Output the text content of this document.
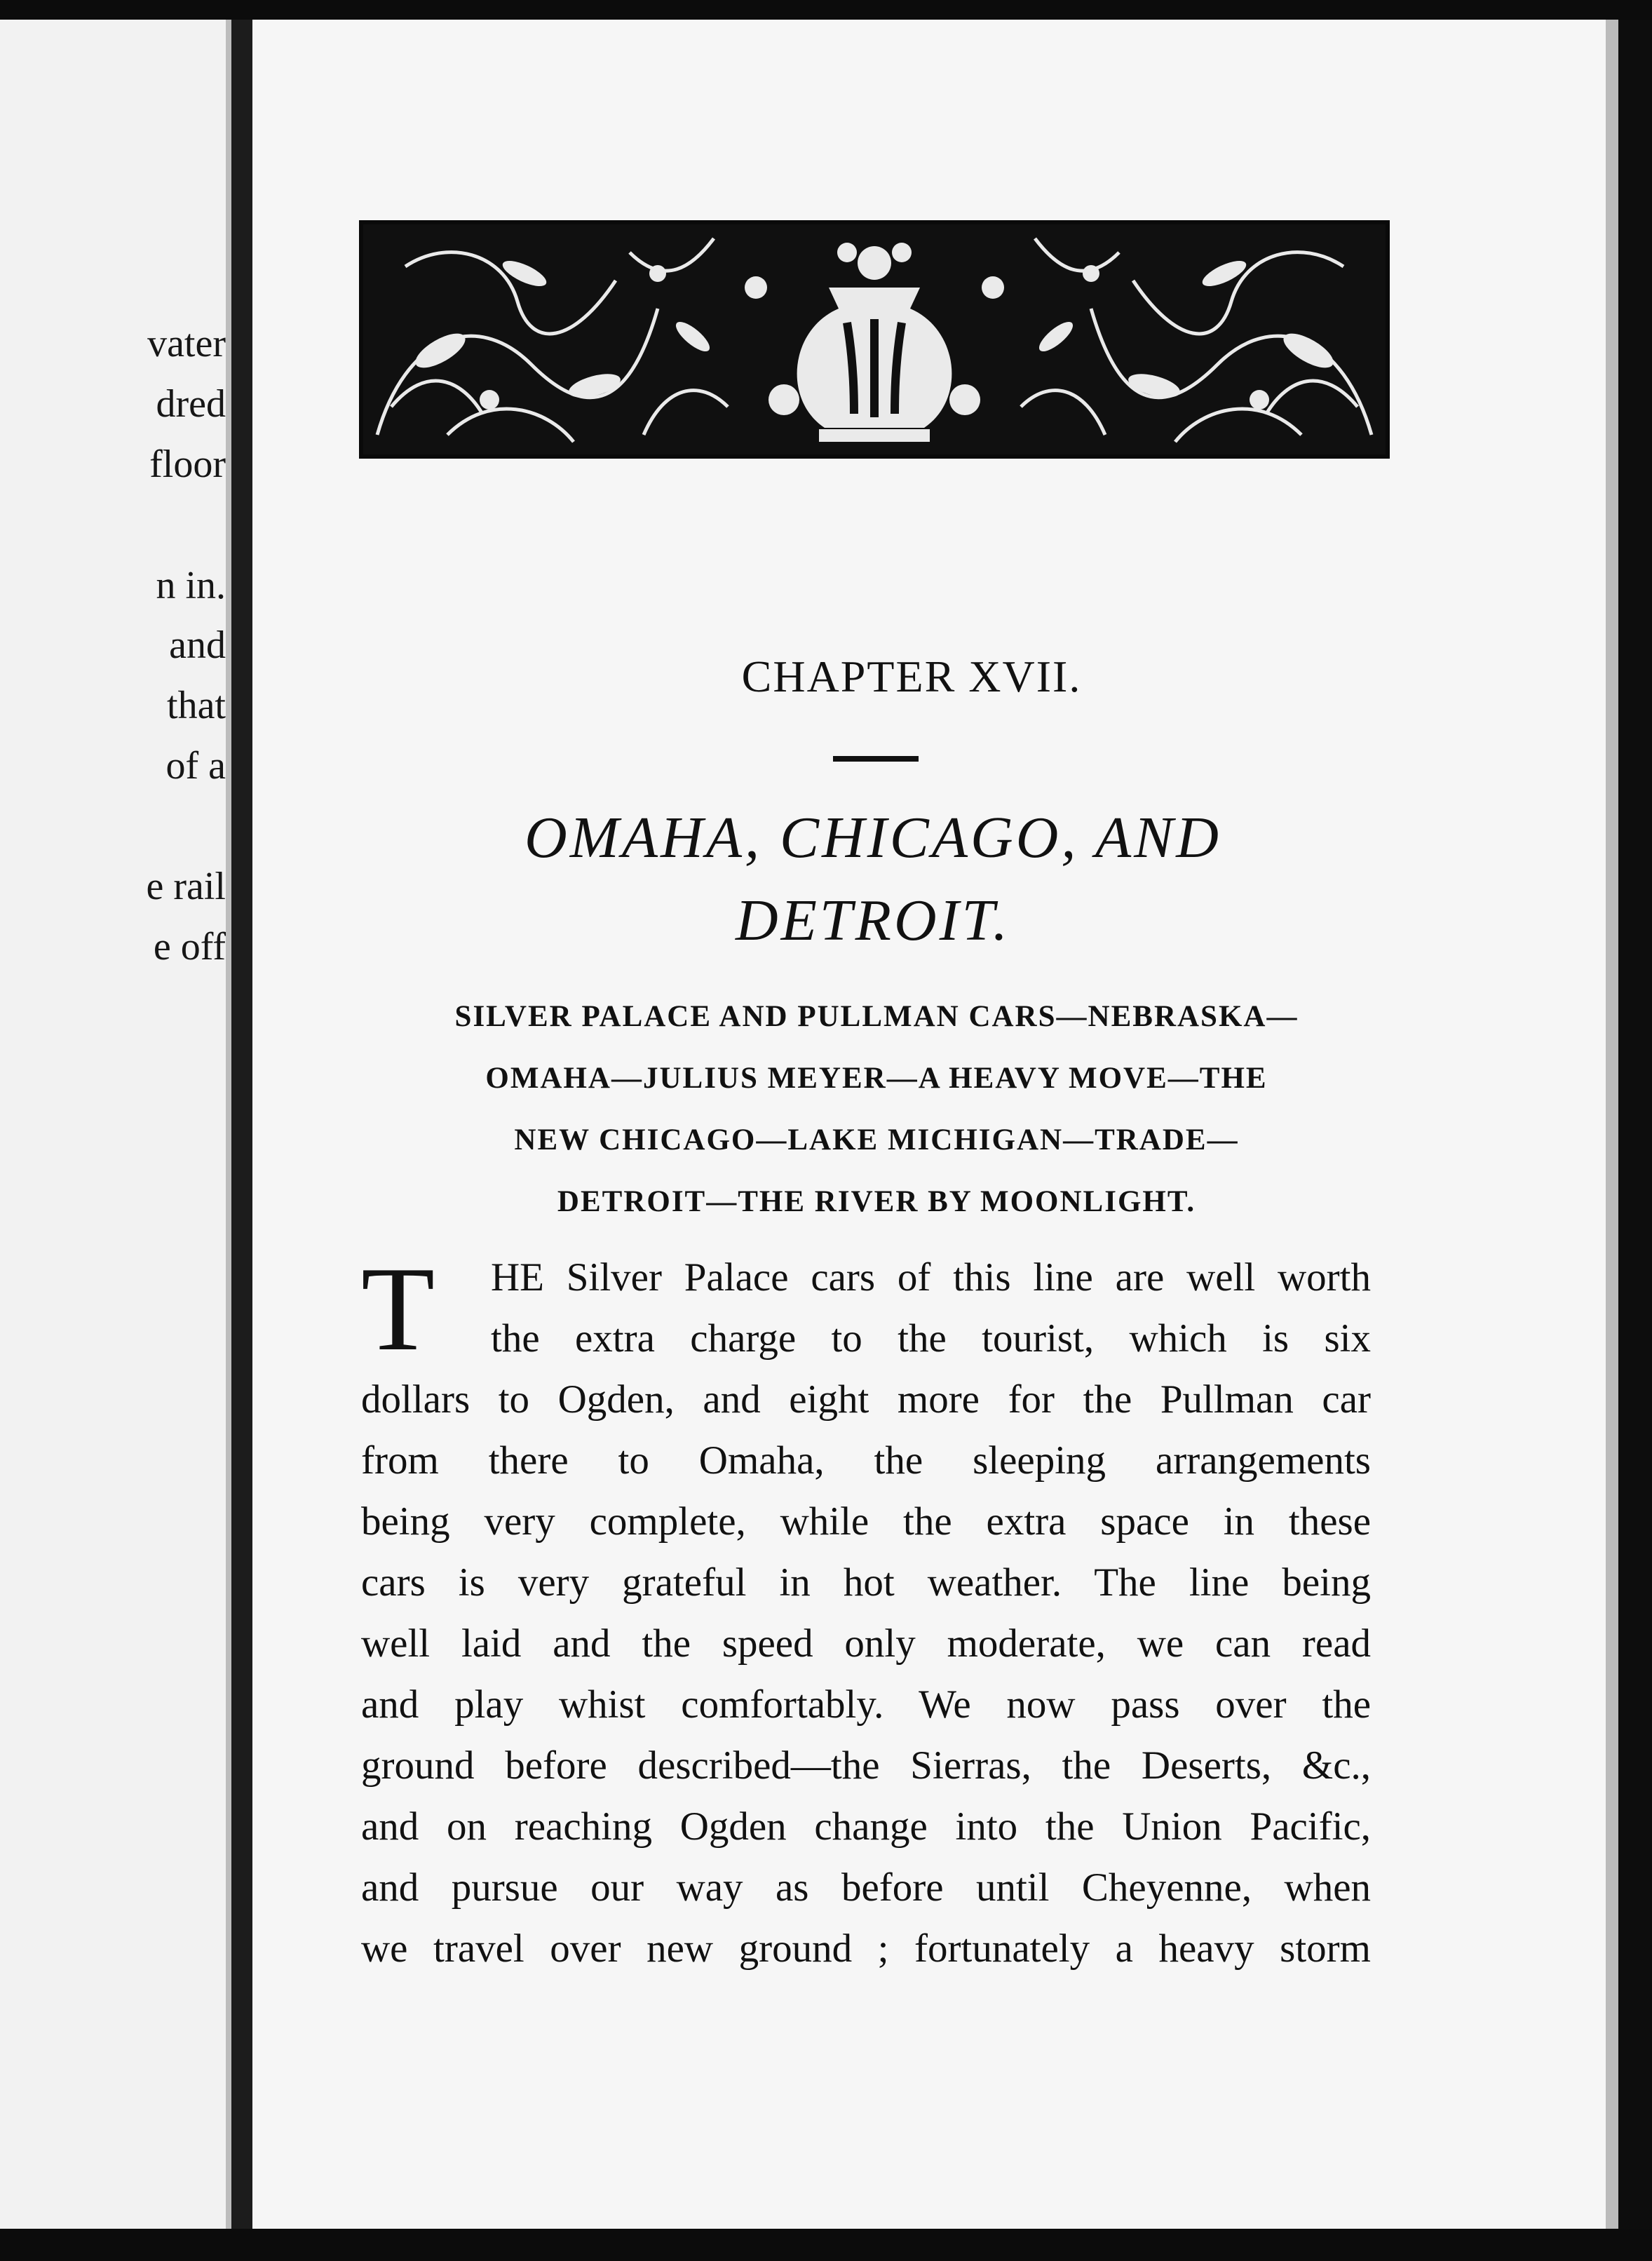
vater
dred
floor
n in.
and
that
of a
e rail
e off
CHAPTER XVII.
OMAHA, CHICAGO, AND
DETROIT.
SILVER PALACE AND PULLMAN CARS—NEBRASKA—
OMAHA—JULIUS MEYER—A HEAVY MOVE—THE
NEW CHICAGO—LAKE MICHIGAN—TRADE—
DETROIT—THE RIVER BY MOONLIGHT.
T HE Silver Palace cars of this line are well worth
the extra charge to the tourist, which is six
dollars to Ogden, and eight more for the Pullman car
from there to Omaha, the sleeping arrangements
being very complete, while the extra space in these
cars is very grateful in hot weather. The line being
well laid and the speed only moderate, we can read
and play whist comfortably. We now pass over the
ground before described—the Sierras, the Deserts, &c.,
and on reaching Ogden change into the Union Pacific,
and pursue our way as before until Cheyenne, when
we travel over new ground ; fortunately a heavy storm
